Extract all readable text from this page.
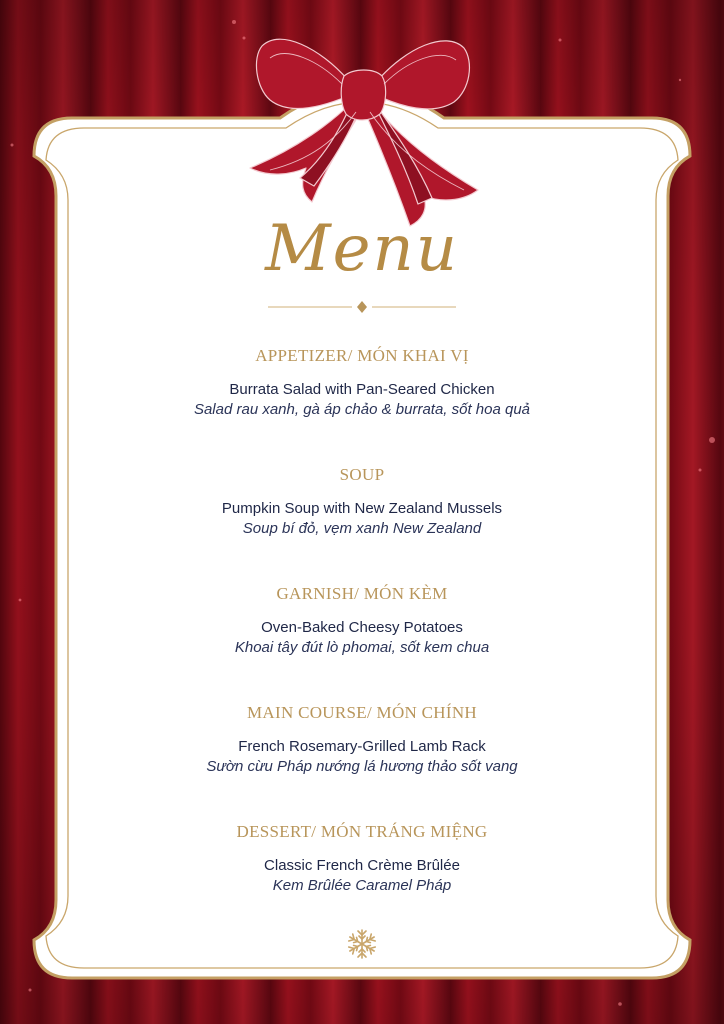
Menu
APPETIZER/ MÓN KHAI VỊ
Burrata Salad with Pan-Seared Chicken
Salad rau xanh, gà áp chảo & burrata, sốt hoa quả
SOUP
Pumpkin Soup with New Zealand Mussels
Soup bí đỏ, vẹm xanh New Zealand
GARNISH/ MÓN KÈM
Oven-Baked Cheesy Potatoes
Khoai tây đút lò phomai, sốt kem chua
MAIN COURSE/ MÓN CHÍNH
French Rosemary-Grilled Lamb Rack
Sườn cừu Pháp nướng lá hương thảo sốt vang
DESSERT/ MÓN TRÁNG MIỆNG
Classic French Crème Brûlée
Kem Brûlée Caramel Pháp
